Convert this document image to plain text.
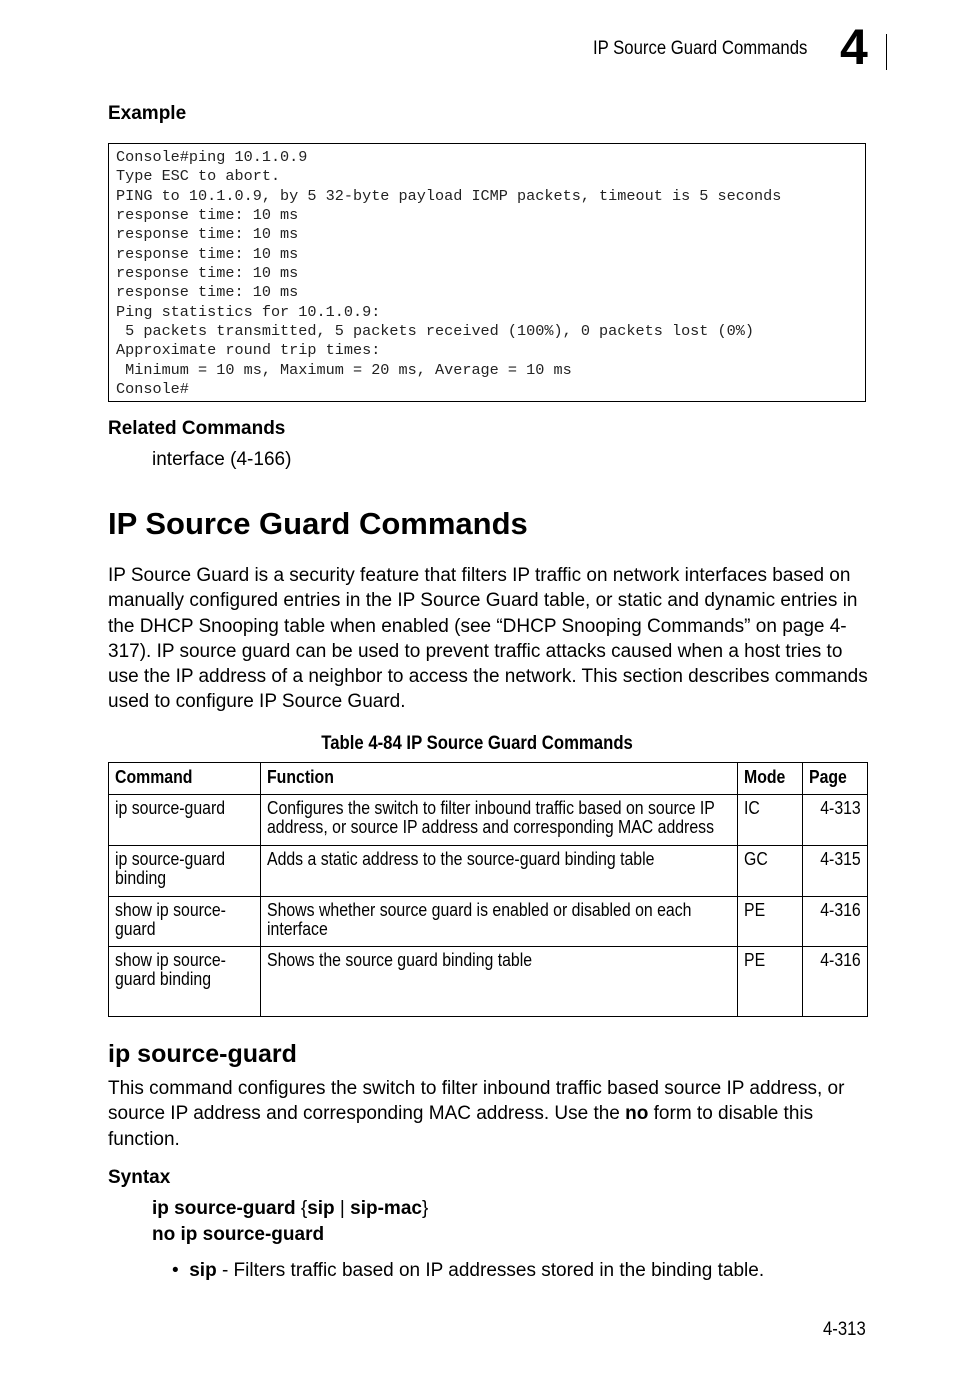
IP Source Guard Commands 4
Example
Console#ping 10.1.0.9
Type ESC to abort.
PING to 10.1.0.9, by 5 32-byte payload ICMP packets, timeout is 5 seconds
response time: 10 ms
response time: 10 ms
response time: 10 ms
response time: 10 ms
response time: 10 ms
Ping statistics for 10.1.0.9:
5 packets transmitted, 5 packets received (100%), 0 packets lost (0%)
Approximate round trip times:
Minimum = 10 ms, Maximum = 20 ms, Average = 10 ms
Console#

Related Commands
interface (4-166)
IP Source Guard Commands
IP Source Guard is a security feature that filters IP traffic on network interfaces based on manually configured entries in the IP Source Guard table, or static and dynamic entries in the DHCP Snooping table when enabled (see “DHCP Snooping Commands” on page 4-317). IP source guard can be used to prevent traffic attacks caused when a host tries to use the IP address of a neighbor to access the network. This section describes commands used to configure IP Source Guard.
Table 4-84 IP Source Guard Commands
Command	Function	Mode	Page
ip source-guard	Configures the switch to filter inbound traffic based on source IP address, or source IP address and corresponding MAC address	IC	4-313
ip source-guard binding	Adds a static address to the source-guard binding table	GC	4-315
show ip source-guard	Shows whether source guard is enabled or disabled on each interface	PE	4-316
show ip source-guard binding	Shows the source guard binding table	PE	4-316
ip source-guard
This command configures the switch to filter inbound traffic based source IP address, or source IP address and corresponding MAC address. Use the no form to disable this function.
Syntax
ip source-guard {sip | sip-mac}
no ip source-guard
• sip - Filters traffic based on IP addresses stored in the binding table.
4-313
